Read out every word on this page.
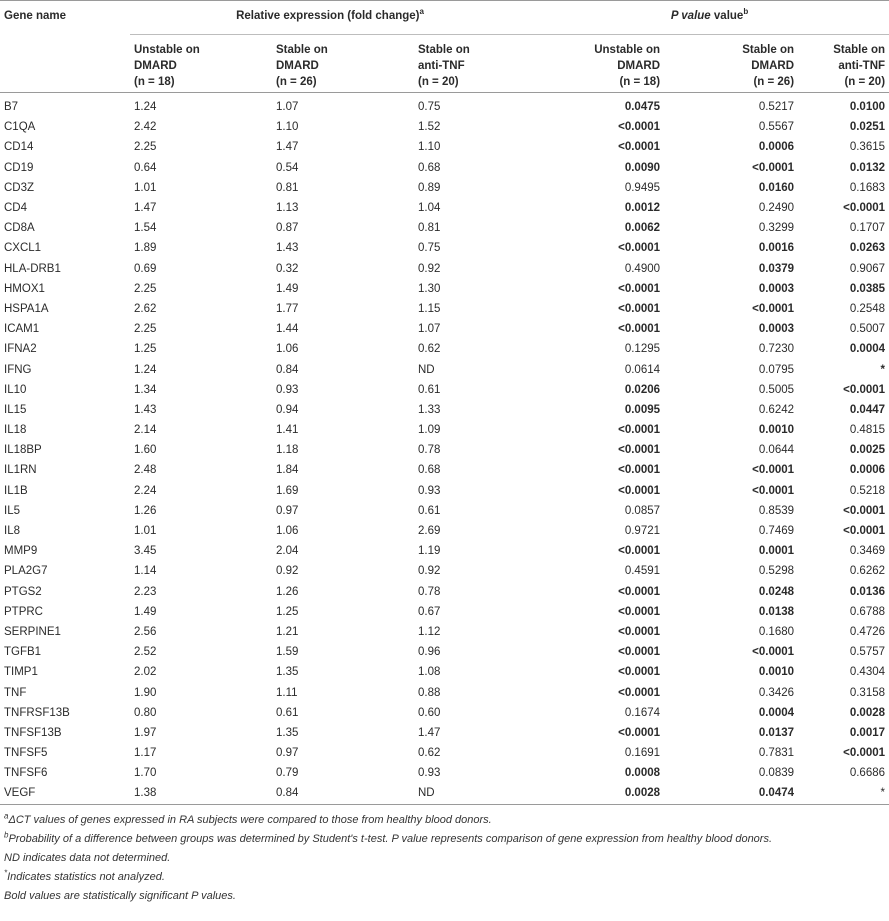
Gene name	Relative expression (fold change)$^a$			P value value$^b$
	Unstable on
DMARD
(n = 18)	Stable on
DMARD
(n = 26)	Stable on
anti-TNF
(n = 20)	Unstable on
DMARD
(n = 18)	Stable on
DMARD
(n = 26)	Stable on
anti-TNF
(n = 20)
B7	1.24	1.07	0.75	0.0475	0.5217	0.0100
C1QA	2.42	1.10	1.52	<0.0001	0.5567	0.0251
CD14	2.25	1.47	1.10	<0.0001	0.0006	0.3615
CD19	0.64	0.54	0.68	0.0090	<0.0001	0.0132
CD3Z	1.01	0.81	0.89	0.9495	0.0160	0.1683
CD4	1.47	1.13	1.04	0.0012	0.2490	<0.0001
CD8A	1.54	0.87	0.81	0.0062	0.3299	0.1707
CXCL1	1.89	1.43	0.75	<0.0001	0.0016	0.0263
HLA-DRB1	0.69	0.32	0.92	0.4900	0.0379	0.9067
HMOX1	2.25	1.49	1.30	<0.0001	0.0003	0.0385
HSPA1A	2.62	1.77	1.15	<0.0001	<0.0001	0.2548
ICAM1	2.25	1.44	1.07	<0.0001	0.0003	0.5007
IFNA2	1.25	1.06	0.62	0.1295	0.7230	0.0004
IFNG	1.24	0.84	ND	0.0614	0.0795	*
IL10	1.34	0.93	0.61	0.0206	0.5005	<0.0001
IL15	1.43	0.94	1.33	0.0095	0.6242	0.0447
IL18	2.14	1.41	1.09	<0.0001	0.0010	0.4815
IL18BP	1.60	1.18	0.78	<0.0001	0.0644	0.0025
IL1RN	2.48	1.84	0.68	<0.0001	<0.0001	0.0006
IL1B	2.24	1.69	0.93	<0.0001	<0.0001	0.5218
IL5	1.26	0.97	0.61	0.0857	0.8539	<0.0001
IL8	1.01	1.06	2.69	0.9721	0.7469	<0.0001
MMP9	3.45	2.04	1.19	<0.0001	0.0001	0.3469
PLA2G7	1.14	0.92	0.92	0.4591	0.5298	0.6262
PTGS2	2.23	1.26	0.78	<0.0001	0.0248	0.0136
PTPRC	1.49	1.25	0.67	<0.0001	0.0138	0.6788
SERPINE1	2.56	1.21	1.12	<0.0001	0.1680	0.4726
TGFB1	2.52	1.59	0.96	<0.0001	<0.0001	0.5757
TIMP1	2.02	1.35	1.08	<0.0001	0.0010	0.4304
TNF	1.90	1.11	0.88	<0.0001	0.3426	0.3158
TNFRSF13B	0.80	0.61	0.60	0.1674	0.0004	0.0028
TNFSF13B	1.97	1.35	1.47	<0.0001	0.0137	0.0017
TNFSF5	1.17	0.97	0.62	0.1691	0.7831	<0.0001
TNFSF6	1.70	0.79	0.93	0.0008	0.0839	0.6686
VEGF	1.38	0.84	ND	0.0028	0.0474	*

$^a$ΔCT values of genes expressed in RA subjects were compared to those from healthy blood donors.

$^b$Probability of a difference between groups was determined by Student's t-test. P value represents comparison of gene expression from healthy blood donors.

ND indicates data not determined.

*Indicates statistics not analyzed.

Bold values are statistically significant P values.
